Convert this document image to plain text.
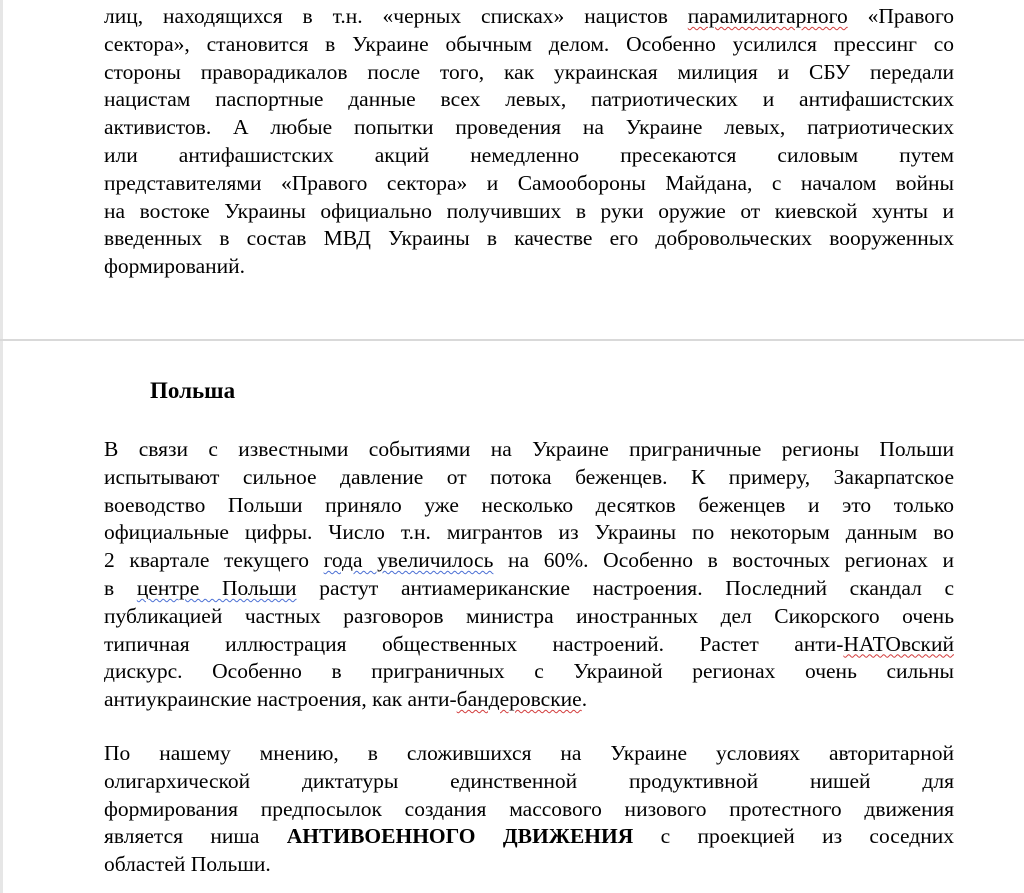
лиц, находящихся в т.н. «черных списках» нацистов парамилитарного «Правого
сектора», становится в Украине обычным делом. Особенно усилился прессинг со
стороны праворадикалов после того, как украинская милиция и СБУ передали
нацистам паспортные данные всех левых, патриотических и антифашистских
активистов. А любые попытки проведения на Украине левых, патриотических
или антифашистских акций немедленно пресекаются силовым путем
представителями «Правого сектора» и Самообороны Майдана, с началом войны
на востоке Украины официально получивших в руки оружие от киевской хунты и
введенных в состав МВД Украины в качестве его добровольческих вооруженных
формирований.
Польша
В связи с известными событиями на Украине приграничные регионы Польши
испытывают сильное давление от потока беженцев. К примеру, Закарпатское
воеводство Польши приняло уже несколько десятков беженцев и это только
официальные цифры. Число т.н. мигрантов из Украины по некоторым данным во
2 квартале текущего года увеличилось на 60%. Особенно в восточных регионах и
в центре Польши растут антиамериканские настроения. Последний скандал с
публикацией частных разговоров министра иностранных дел Сикорского очень
типичная иллюстрация общественных настроений. Растет анти-НАТОвский
дискурс. Особенно в приграничных с Украиной регионах очень сильны
антиукраинские настроения, как анти-бандеровские.
По нашему мнению, в сложившихся на Украине условиях авторитарной
олигархической диктатуры единственной продуктивной нишей для
формирования предпосылок создания массового низового протестного движения
является ниша АНТИВОЕННОГО ДВИЖЕНИЯ с проекцией из соседних
областей Польши.
